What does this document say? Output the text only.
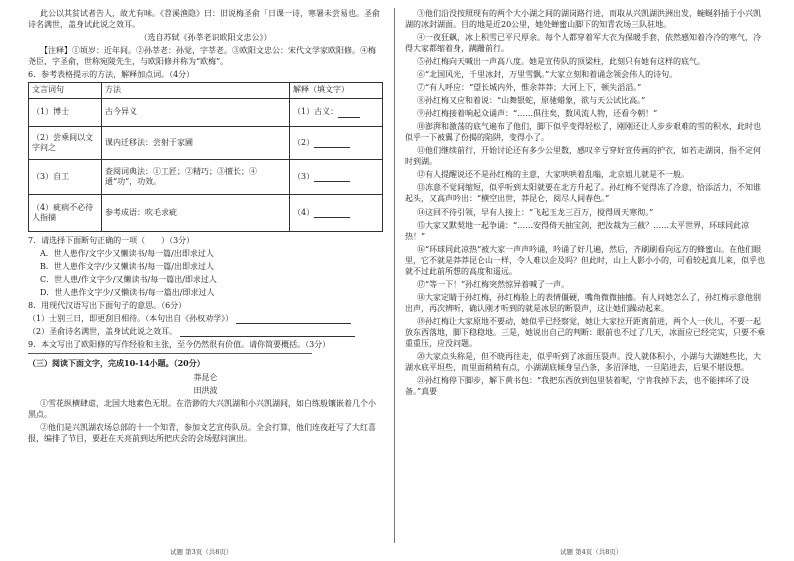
此公以其贫试者告人，故尤有味。《苕溪渔隐》曰：旧说梅圣俞「日课一诗，寒暑未尝易也。圣俞诗名满世，盖身试此说之效耳。

（选自苏轼《孙莘老识欧阳文忠公》）

【注释】①顷岁：近年间。②孙莘老：孙觉，字莘老。③欧阳文忠公：宋代文学家欧阳修。④梅尧臣，字圣俞，世称宛陵先生，与欧阳修并称为“欧梅”。

6．参考表格提示的方法，解释加点词。（4分）

文言词句	方法	解释（填文字）
（1）博士	古今异义	（1）古义：
（2）尝乘间以文字问之	课内迁移法：尝射于家圃	（2）
（3）自工	查阅词典法：①工匠；②精巧；③擅长；④通“功”，功效。	（3）
（4）疵病不必待人指摘	参考成语：吹毛求疵	（4）

7．请选择下面断句正确的一项（　　）（3分）

A．世人患作/文字少又懒读书/每一篇/出即求过人

B．世人患作文字/少又懒读书/每一篇/出即求过人

C．世人患/作文字少/又懒读书/每一篇出/即求过人

D．世人患作文字少/又懒读书/每一篇出/即求过人

8．用现代汉语写出下面句子的意思。（6分）

（1）士别三日，即更刮目相待。（本句出自《孙权劝学》）

（2）圣俞诗名满世，盖身试此说之效耳。

9．本文写出了欧阳修的写作经验和主张，至今仍然很有价值。请你简要概括。（3分）

（三）阅读下面文字，完成10-14小题。（20分）

莽昆仑

田洪波

①雪花纵横肆虐，北国大地素色无垠。在浩渺的大兴凯湖和小兴凯湖间，如白练般镶嵌着几个小黑点。

②他们是兴凯湖农场总部的十一个知青，参加文艺宣传队员。全会打算，他们连夜赶写了大红喜报，编排了节目，要赶在天亮前到达所把庆会的会场慰问演出。

③他们沿没按照现有的两个大小湖之间的湖岗路行进，而取从兴凯湖洪洲出发，蜿蜒斜插于小兴凯湖的冰封湖面。目的地是近20公里，她处蝉蜜山脚下的知青农场三队驻地。

④一夜狂飙，冰上积雪已平尺厚余。每个人都穿着军大衣为保暖手套，依然感知着冷冷的寒气，冷得大家都缩着身，蹒跚前行。

⑤孙红梅向天喊出一声高八度。她是宣传队的顶梁柱，此刻只有她有这样的底气。

⑥“北国风光，千里冰封，万里雪飘。”大家立刻和着诵念领会伟人的诗句。

⑦“有人呼应：“望长城内外，惟余莽莽；大河上下，顿失滔滔。”

⑧孙红梅又应和着说：“山舞银蛇，原驰蜡象，欲与天公试比高。”

⑨孙红梅接着响起众诵声：“……俱往矣，数风流人物，还看今朝！”

⑩澎湃和激荡的底气遍布了他们，脚下似乎变得轻松了，刚刚还让人步步艰难的雪的积水，此时也似乎一下被翼了份揭的陷阱，变得小了。

⑪他们继续前行，开始讨论还有多少公里数，感叹辛亏穿好宣传画的护衣，如若走湖岗，指不定何时到湖。

⑫有人提醒说还不是孙红梅的主意，大家哄哄着乱嗡，北京姐儿就是不一般。

⑬冻意不觉间缩短，似乎听到太阳就要在北方升起了。孙红梅不觉得冻了冷意，恰添活力，不知谁起头，又高声吟出：“横空出世，莽昆仑，阅尽人间春色。”

⑭这回不待引领，早有人接上：“飞起玉龙三百万，搅得周天寒彻。”

⑮大家又默契地一起争诵：“……安得倚天抽宝剑，把汝裁为三截？……太平世界，环球同此凉热！”

⑯“环球同此凉热”被大家一声声吟诵，吟诵了好几遍，然后，齐刷刷看向远方的蜂蜜山。在他们眼里，它不就是莽莽昆仑山一样，令人难以企及吗？但此时，山上人影小小的，可看较起真儿来，似乎也就不过此前所想的高度和遥远。

⑰“等一下！”孙红梅突然惊异着喊了一声。

⑱大家定睛于孙红梅，孙红梅脸上的表情僵硬，嘴角微微抽搐。有人问她怎么了，孙红梅示意他别出声，再次辨听，确认刚才听到的就是冰层的断裂声，这让她们躁动起来。

⑲孙红梅让大家原地不要动，她似乎已经察觉，她让大家拉开距离前进，两个人一伙儿，不要一起放东西落地，脚下稳稳地。三是，她说出自己的判断：眼前也不过了几天，冰面应已经完实，只要不乘重重压，应没问题。

⑳大家点头称是，但不晓再往走，似乎听到了冰面压裂声。没人就体积小，小湖与大湖她些比，大湖水底平坦些，而里面稍稍有点，小湖湖底倾身呈凸条，多沼泽地，一旦陷进去，后果不堪设想。

㉑孙红梅停下脚步，解下黄书包：“我把东西放到包里装着呢，宁肯我掉下去，也不能摔坏了设备。”真要

试题 第3页（共8页）	试题 第4页（共8页）
